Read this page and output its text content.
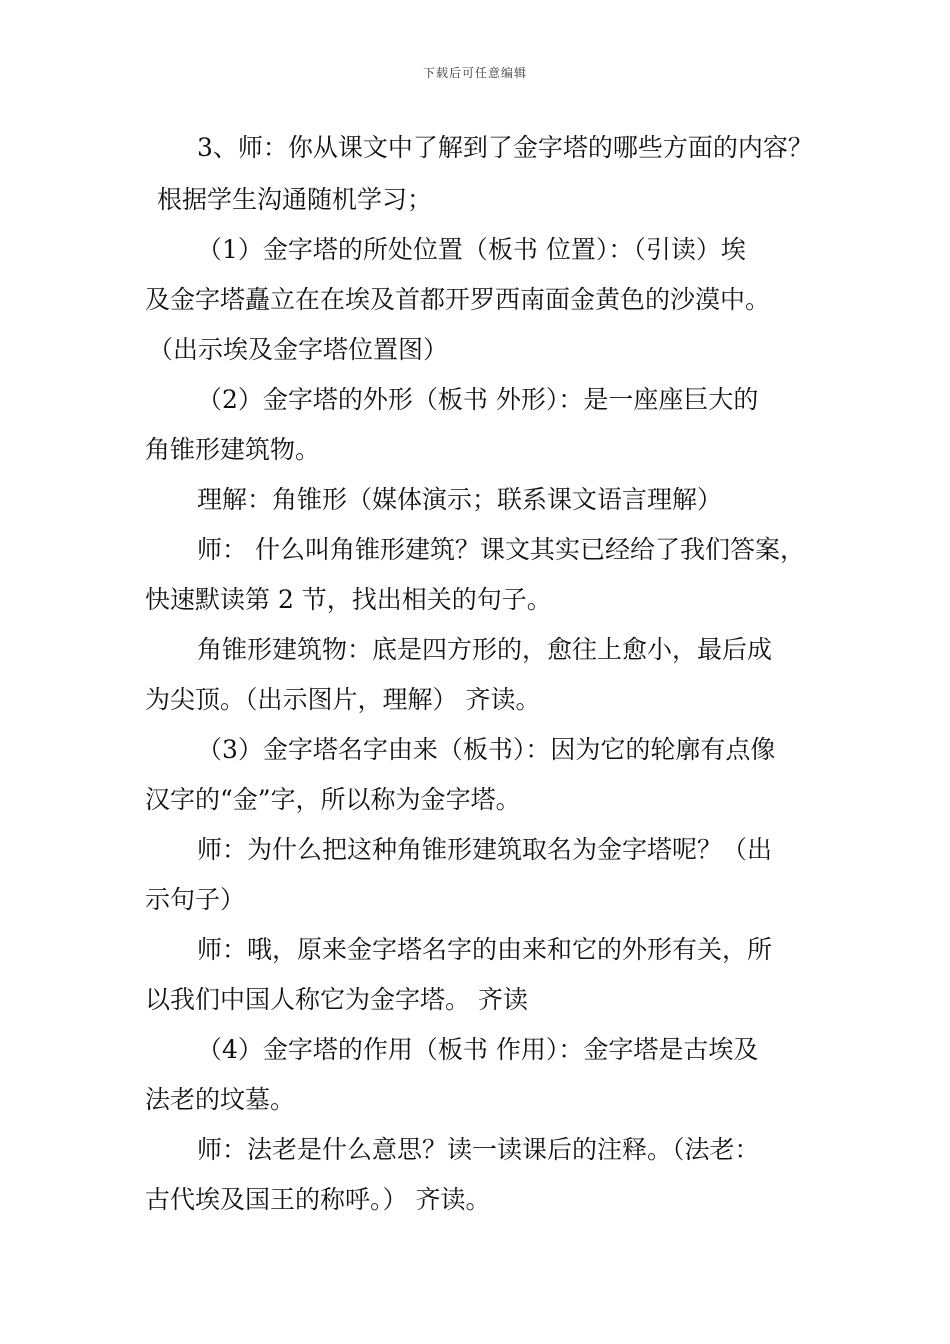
下载后可任意编辑
3、师：你从课文中了解到了金字塔的哪些方面的内容？
根据学生沟通随机学习；
（1）金字塔的所处位置（板书 位置）：（引读）埃
及金字塔矗立在在埃及首都开罗西南面金黄色的沙漠中。
（出示埃及金字塔位置图）
（2）金字塔的外形（板书 外形）：是一座座巨大的
角锥形建筑物。
理解：角锥形（媒体演示；联系课文语言理解）
师： 什么叫角锥形建筑？课文其实已经给了我们答案，
快速默读第 2 节，找出相关的句子。
角锥形建筑物：底是四方形的，愈往上愈小，最后成
为尖顶。（出示图片，理解） 齐读。
（3）金字塔名字由来（板书）：因为它的轮廓有点像
汉字的“金”字，所以称为金字塔。
师：为什么把这种角锥形建筑取名为金字塔呢？（出
示句子）
师：哦，原来金字塔名字的由来和它的外形有关，所
以我们中国人称它为金字塔。 齐读
（4）金字塔的作用（板书 作用）：金字塔是古埃及
法老的坟墓。
师：法老是什么意思？读一读课后的注释。（法老：
古代埃及国王的称呼。） 齐读。
